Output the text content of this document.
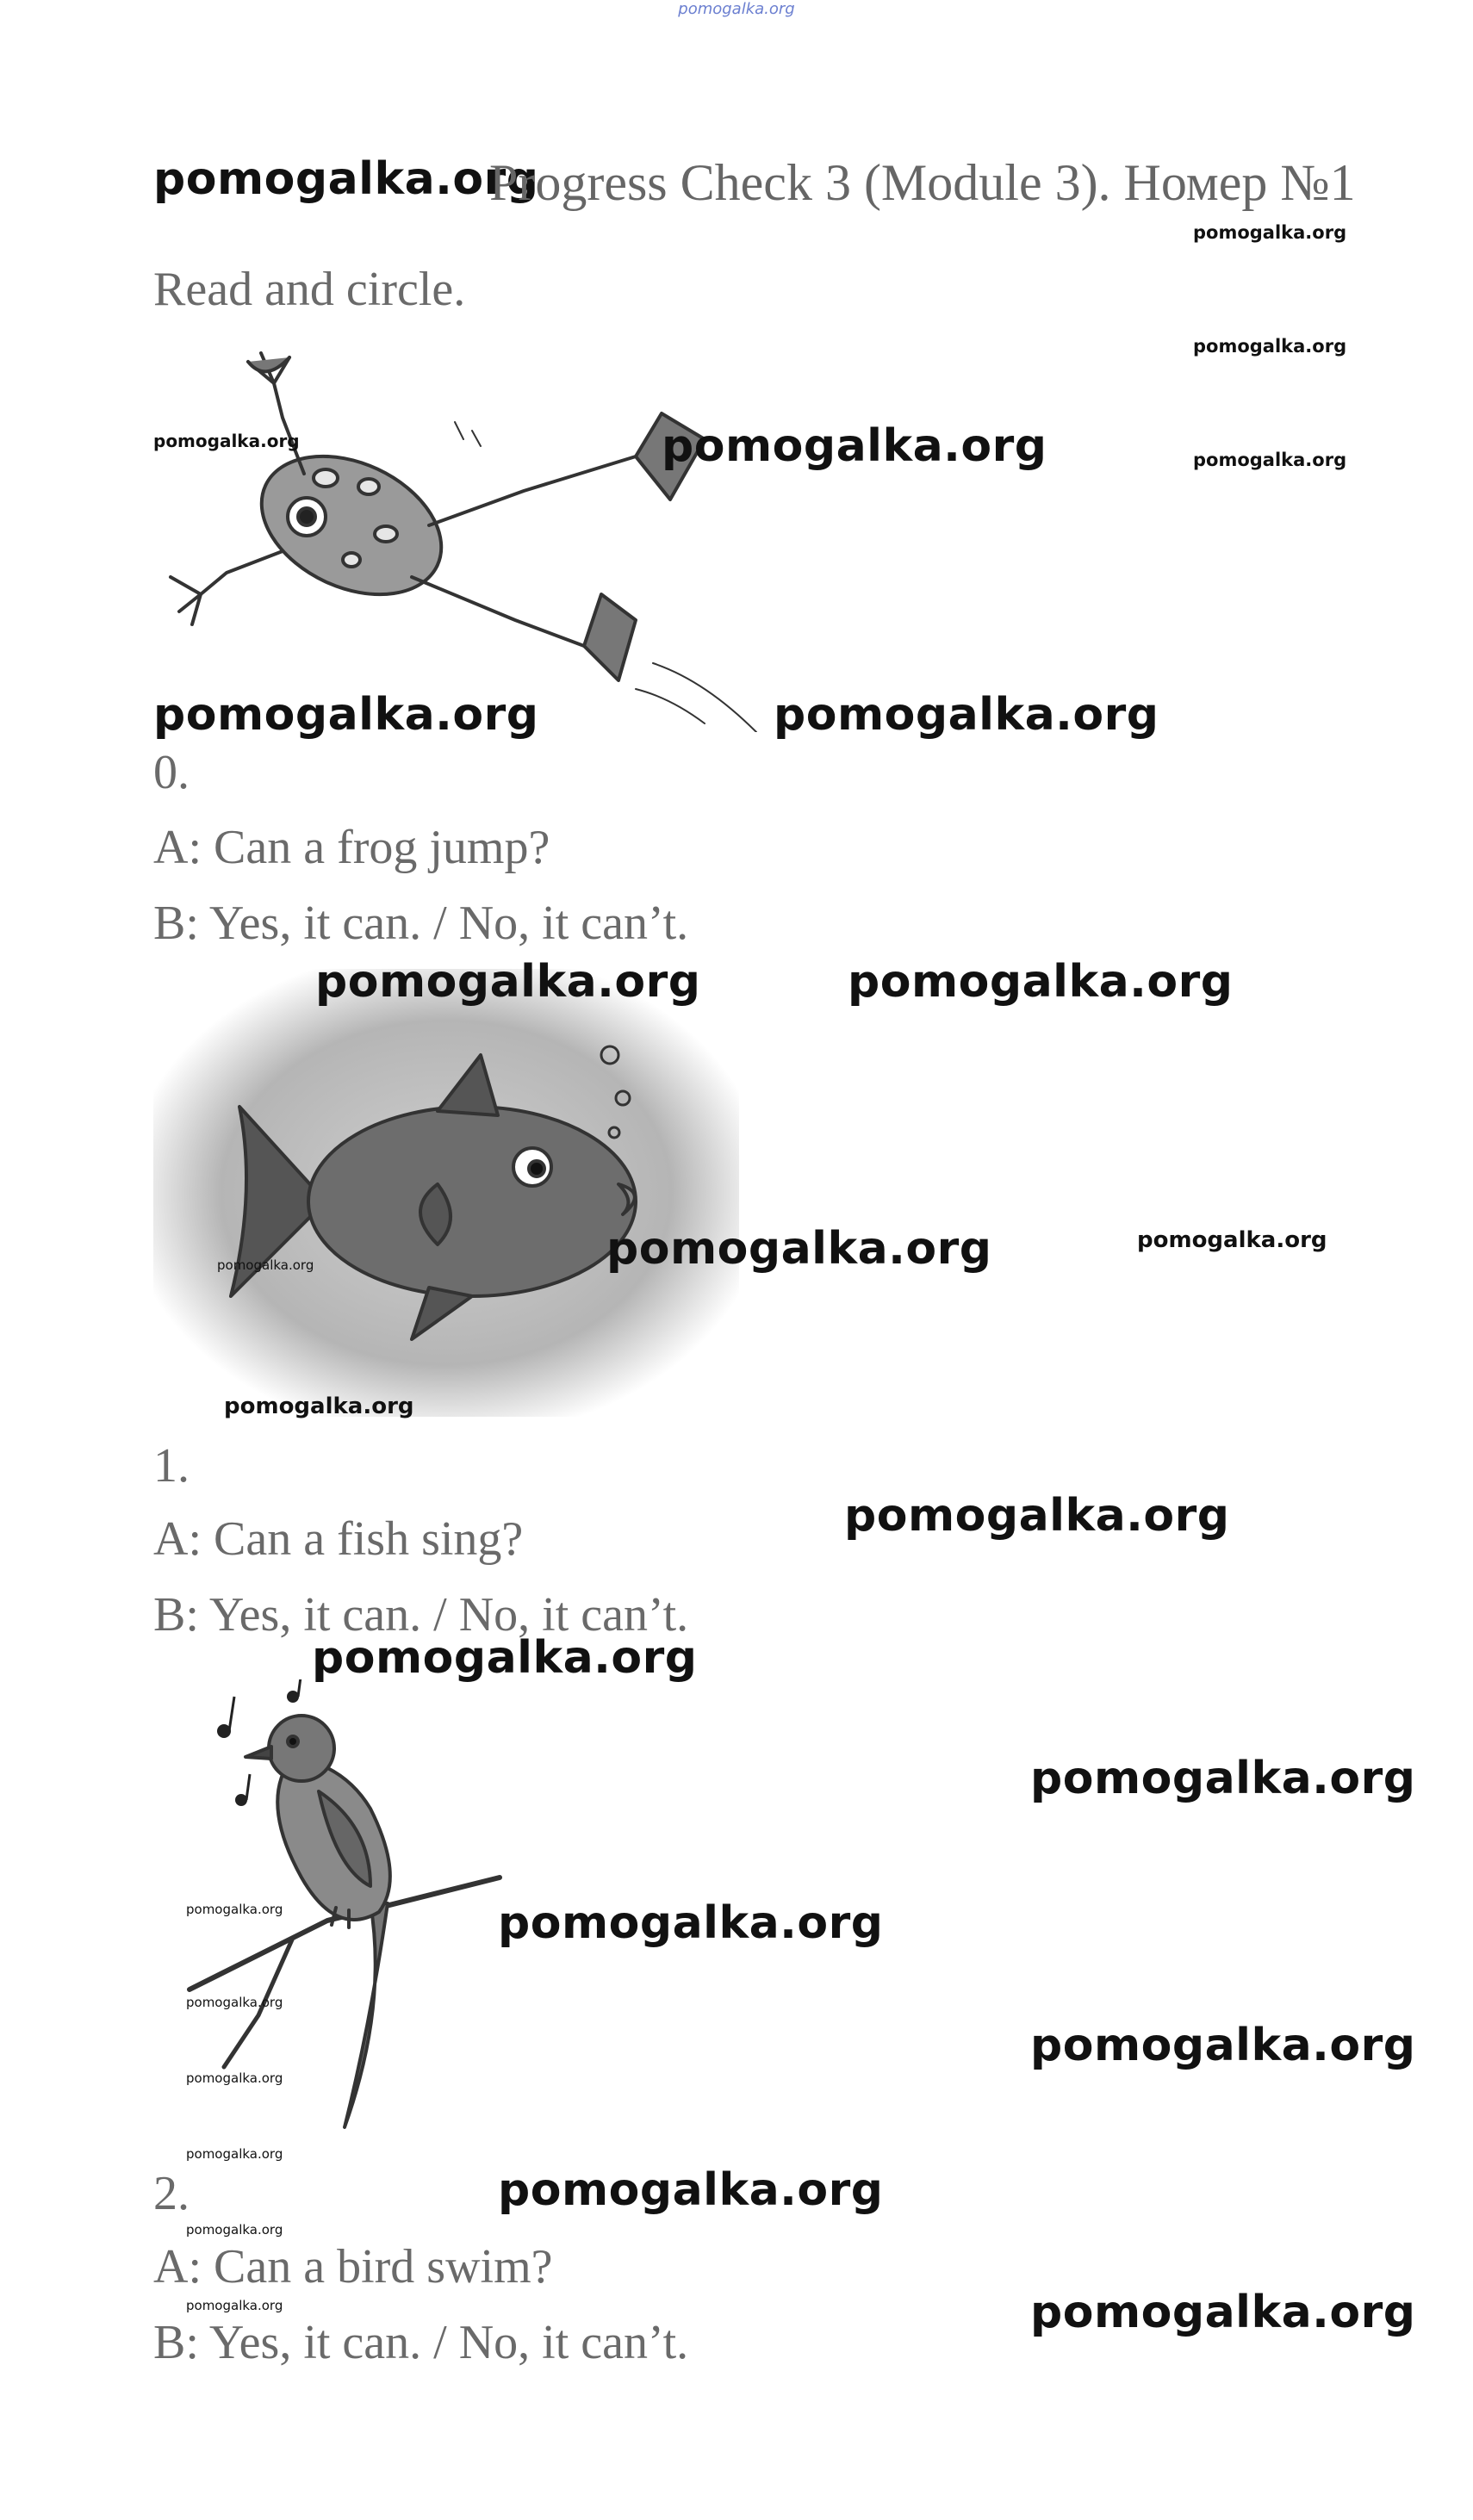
pomogalka.org
pomogalka.org
Progress Check 3 (Module 3). Номер №1
pomogalka.org
Read and circle.
pomogalka.org
pomogalka.org
pomogalka.org	pomogalka.org
pomogalka.org	pomogalka.org
0.
A: Can a frog jump?
B: Yes, it can. / No, it can’t.
pomogalka.org	pomogalka.org
pomogalka.org	pomogalka.org
pomogalka.org
pomogalka.org
1.
A: Can a fish sing?	pomogalka.org
B: Yes, it can. / No, it can’t.
pomogalka.org
pomogalka.org
pomogalka.org
pomogalka.org
pomogalka.org
pomogalka.org
pomogalka.org
pomogalka.org
2.	pomogalka.org
pomogalka.org
A: Can a bird swim?
pomogalka.org	pomogalka.org
B: Yes, it can. / No, it can’t.
